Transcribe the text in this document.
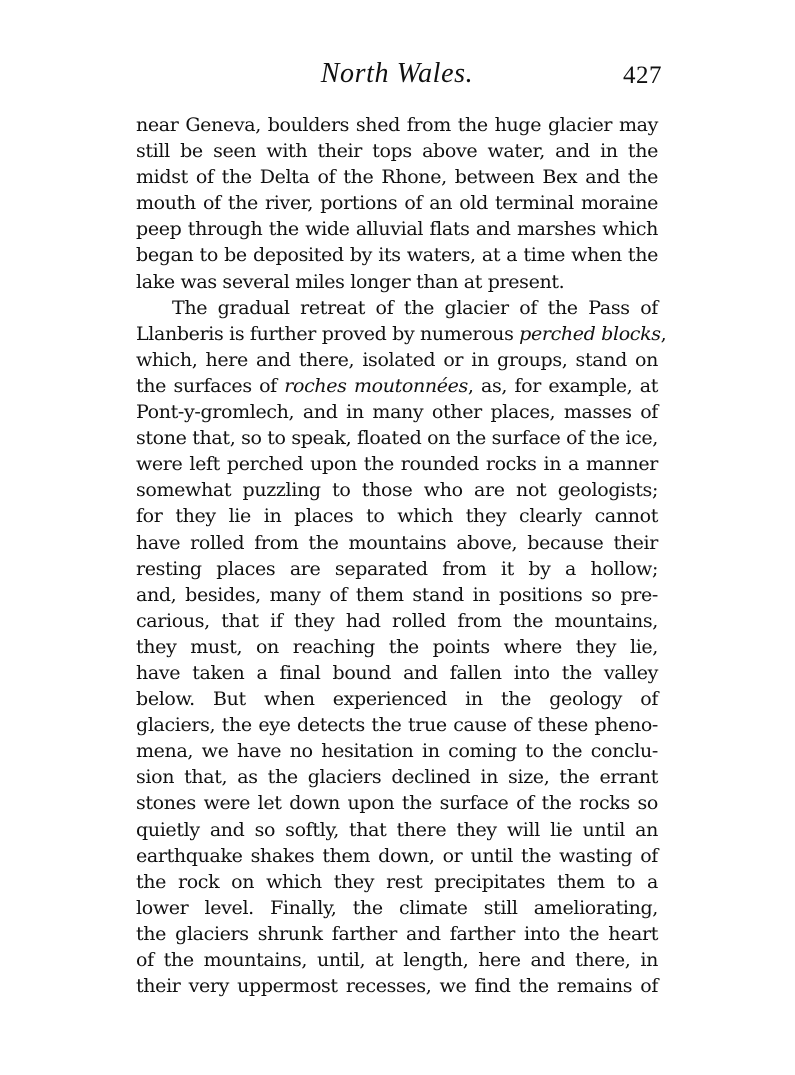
North Wales.	427
near Geneva, boulders shed from the huge glacier may
still be seen with their tops above water, and in the
midst of the Delta of the Rhone, between Bex and the
mouth of the river, portions of an old terminal moraine
peep through the wide alluvial flats and marshes which
began to be deposited by its waters, at a time when the
lake was several miles longer than at present.
The gradual retreat of the glacier of the Pass of
Llanberis is further proved by numerous perched blocks,
which, here and there, isolated or in groups, stand on
the surfaces of roches moutonnées, as, for example, at
Pont-y-gromlech, and in many other places, masses of
stone that, so to speak, floated on the surface of the ice,
were left perched upon the rounded rocks in a manner
somewhat puzzling to those who are not geologists;
for they lie in places to which they clearly cannot
have rolled from the mountains above, because their
resting places are separated from it by a hollow;
and, besides, many of them stand in positions so pre-
carious, that if they had rolled from the mountains,
they must, on reaching the points where they lie,
have taken a final bound and fallen into the valley
below. But when experienced in the geology of
glaciers, the eye detects the true cause of these pheno-
mena, we have no hesitation in coming to the conclu-
sion that, as the glaciers declined in size, the errant
stones were let down upon the surface of the rocks so
quietly and so softly, that there they will lie until an
earthquake shakes them down, or until the wasting of
the rock on which they rest precipitates them to a
lower level. Finally, the climate still ameliorating,
the glaciers shrunk farther and farther into the heart
of the mountains, until, at length, here and there, in
their very uppermost recesses, we find the remains of
